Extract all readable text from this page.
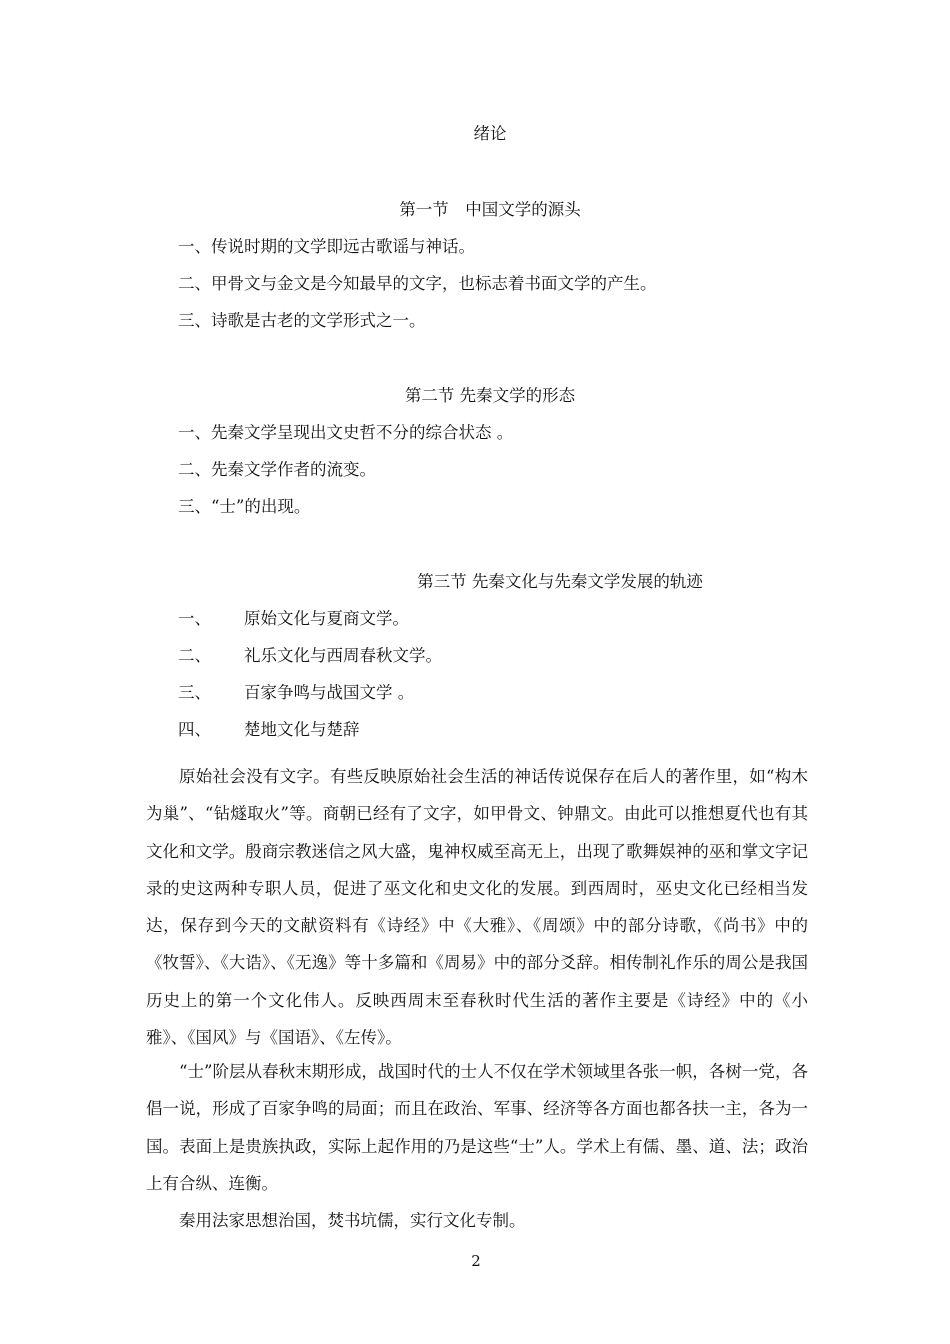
绪论
第一节　中国文学的源头
一、传说时期的文学即远古歌谣与神话。
二、甲骨文与金文是今知最早的文字，也标志着书面文学的产生。
三、诗歌是古老的文学形式之一。
第二节 先秦文学的形态
一、先秦文学呈现出文史哲不分的综合状态 。
二、先秦文学作者的流变。
三、“士”的出现。
第三节 先秦文化与先秦文学发展的轨迹
一、 原始文化与夏商文学。
二、 礼乐文化与西周春秋文学。
三、 百家争鸣与战国文学 。
四、 楚地文化与楚辞

原始社会没有文字。有些反映原始社会生活的神话传说保存在后人的著作里，如“构木为巢”、“钻燧取火”等。商朝已经有了文字，如甲骨文、钟鼎文。由此可以推想夏代也有其文化和文学。殷商宗教迷信之风大盛，鬼神权威至高无上，出现了歌舞娱神的巫和掌文字记录的史这两种专职人员，促进了巫文化和史文化的发展。到西周时，巫史文化已经相当发达，保存到今天的文献资料有《诗经》中《大雅》、《周颂》中的部分诗歌，《尚书》中的《牧誓》、《大诰》、《无逸》等十多篇和《周易》中的部分爻辞。相传制礼作乐的周公是我国历史上的第一个文化伟人。反映西周末至春秋时代生活的著作主要是《诗经》中的《小雅》、《国风》与《国语》、《左传》。

“士”阶层从春秋末期形成，战国时代的士人不仅在学术领域里各张一帜，各树一党，各倡一说，形成了百家争鸣的局面；而且在政治、军事、经济等各方面也都各扶一主，各为一国。表面上是贵族执政，实际上起作用的乃是这些“士”人。学术上有儒、墨、道、法；政治上有合纵、连衡。

秦用法家思想治国，焚书坑儒，实行文化专制。

2
